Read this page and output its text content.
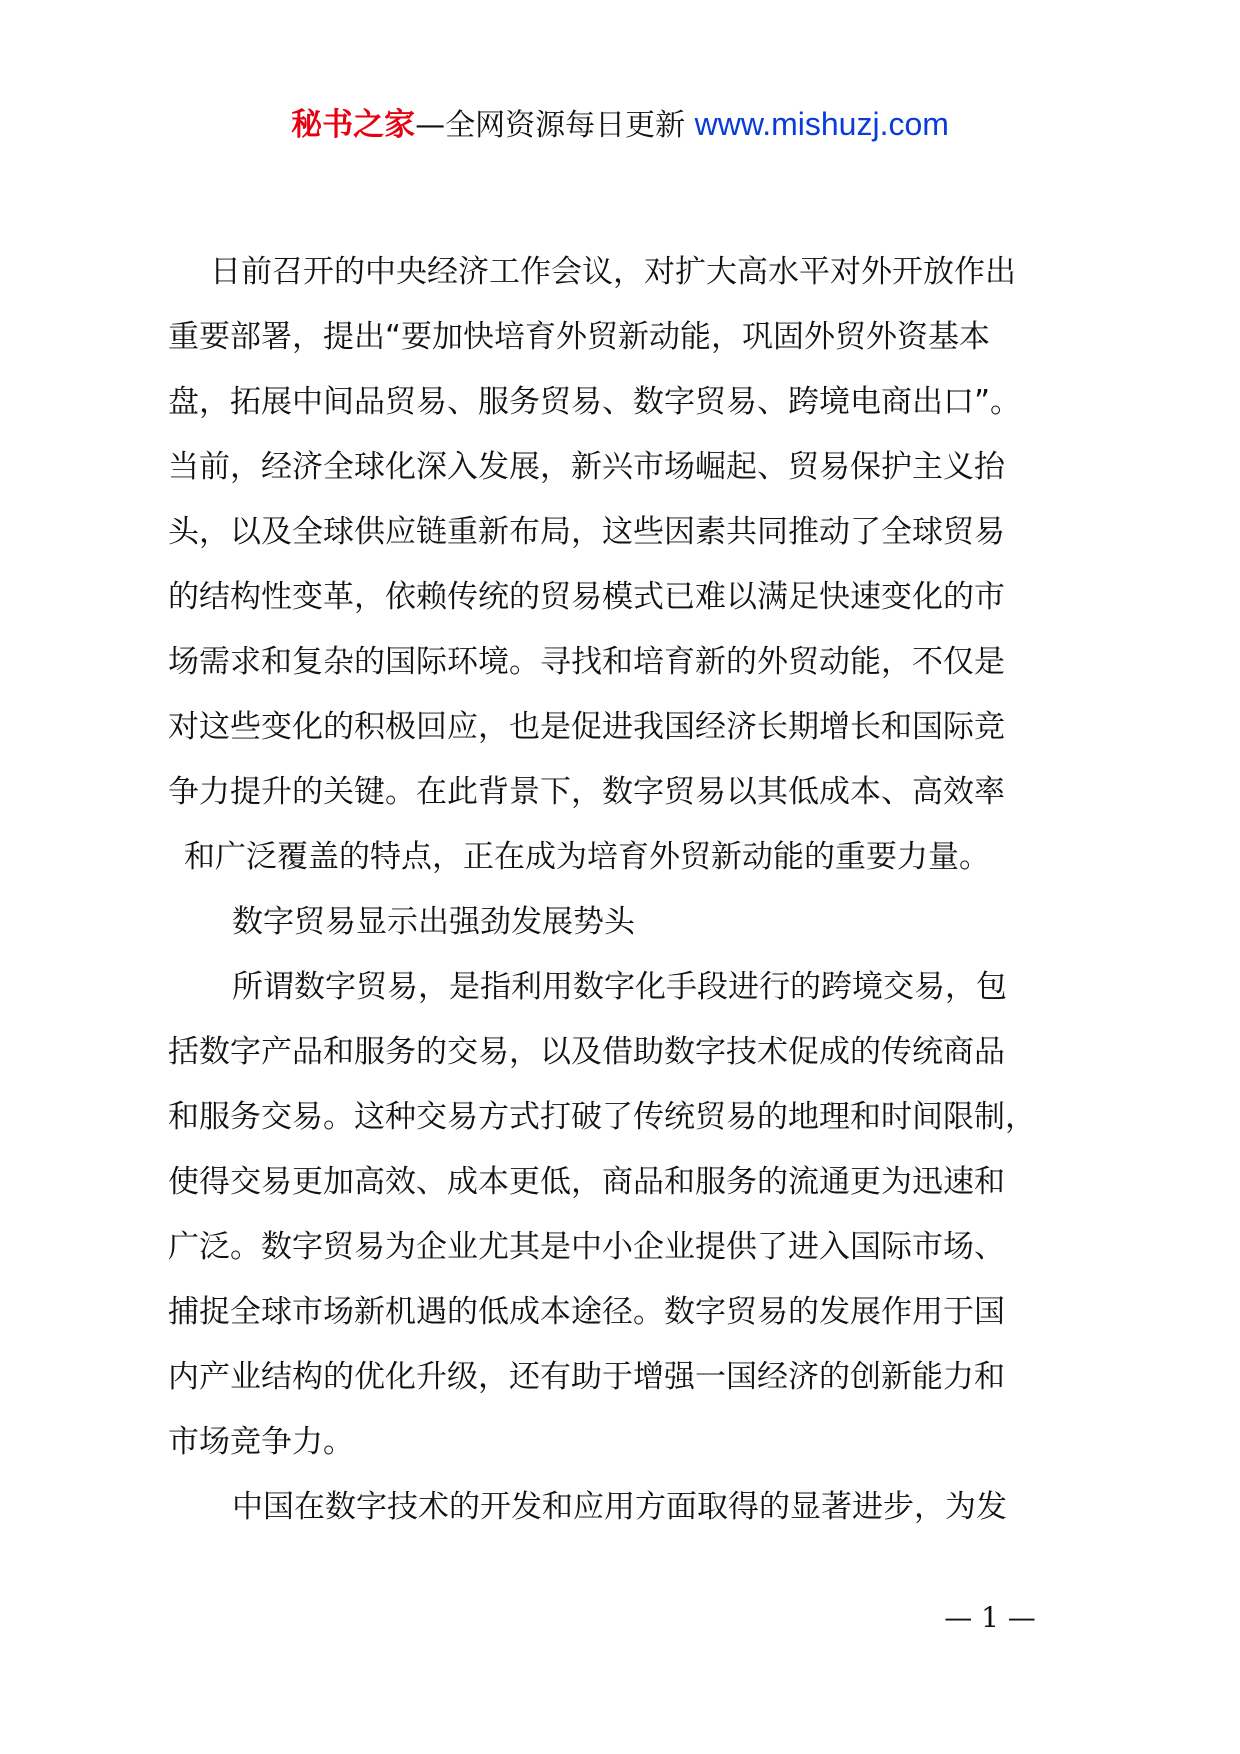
秘书之家—全网资源每日更新 www.mishuzj.com
日前召开的中央经济工作会议，对扩大高水平对外开放作出
重要部署，提出“要加快培育外贸新动能，巩固外贸外资基本
盘，拓展中间品贸易、服务贸易、数字贸易、跨境电商出口”。
当前，经济全球化深入发展，新兴市场崛起、贸易保护主义抬
头，以及全球供应链重新布局，这些因素共同推动了全球贸易
的结构性变革，依赖传统的贸易模式已难以满足快速变化的市
场需求和复杂的国际环境。寻找和培育新的外贸动能，不仅是
对这些变化的积极回应，也是促进我国经济长期增长和国际竞
争力提升的关键。在此背景下，数字贸易以其低成本、高效率
和广泛覆盖的特点，正在成为培育外贸新动能的重要力量。
数字贸易显示出强劲发展势头
所谓数字贸易，是指利用数字化手段进行的跨境交易，包
括数字产品和服务的交易，以及借助数字技术促成的传统商品
和服务交易。这种交易方式打破了传统贸易的地理和时间限制，
使得交易更加高效、成本更低，商品和服务的流通更为迅速和
广泛。数字贸易为企业尤其是中小企业提供了进入国际市场、
捕捉全球市场新机遇的低成本途径。数字贸易的发展作用于国
内产业结构的优化升级，还有助于增强一国经济的创新能力和
市场竞争力。
中国在数字技术的开发和应用方面取得的显著进步，为发
— 1 —
